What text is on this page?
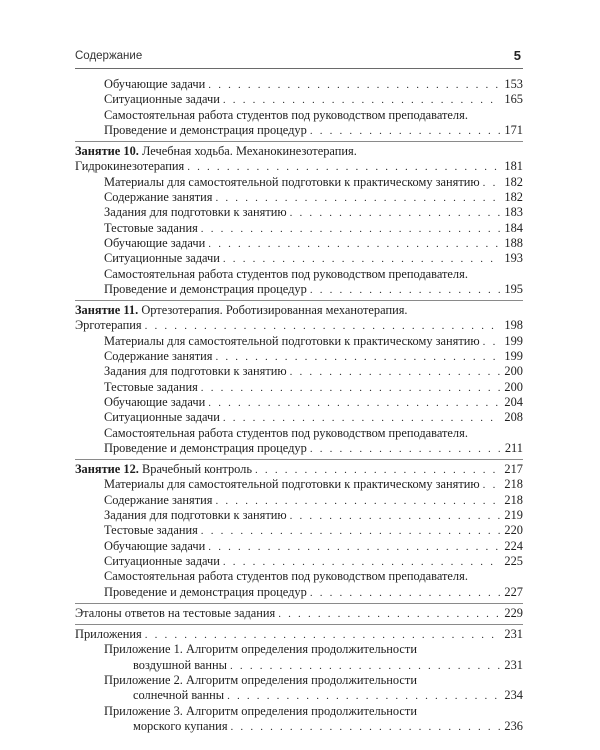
Содержание	5
Обучающие задачи . . .	153
Ситуационные задачи . . .	165
Самостоятельная работа студентов под руководством преподавателя.
Проведение и демонстрация процедур . . .	171
Занятие 10. Лечебная ходьба. Механокинезотерапия.
Гидрокинезотерапия . . .	181
Материалы для самостоятельной подготовки к практическому занятию . . . 182
Содержание занятия . . .	182
Задания для подготовки к занятию . . .	183
Тестовые задания . . .	184
Обучающие задачи . . .	188
Ситуационные задачи . . .	193
Самостоятельная работа студентов под руководством преподавателя.
Проведение и демонстрация процедур . . .	195
Занятие 11. Ортезотерапия. Роботизированная механотерапия.
Эрготерапия . . .	198
Материалы для самостоятельной подготовки к практическому занятию . . . 199
Содержание занятия . . .	199
Задания для подготовки к занятию . . .	200
Тестовые задания . . .	200
Обучающие задачи . . .	204
Ситуационные задачи . . .	208
Самостоятельная работа студентов под руководством преподавателя.
Проведение и демонстрация процедур . . .	211
Занятие 12. Врачебный контроль . . .	217
Материалы для самостоятельной подготовки к практическому занятию . . . 218
Содержание занятия . . .	218
Задания для подготовки к занятию . . .	219
Тестовые задания . . .	220
Обучающие задачи . . .	224
Ситуационные задачи . . .	225
Самостоятельная работа студентов под руководством преподавателя.
Проведение и демонстрация процедур . . .	227
Эталоны ответов на тестовые задания . . .	229
Приложения . . .	231
Приложение 1. Алгоритм определения продолжительности
воздушной ванны . . .	231
Приложение 2. Алгоритм определения продолжительности
солнечной ванны . . .	234
Приложение 3. Алгоритм определения продолжительности
морского купания . . .	236
